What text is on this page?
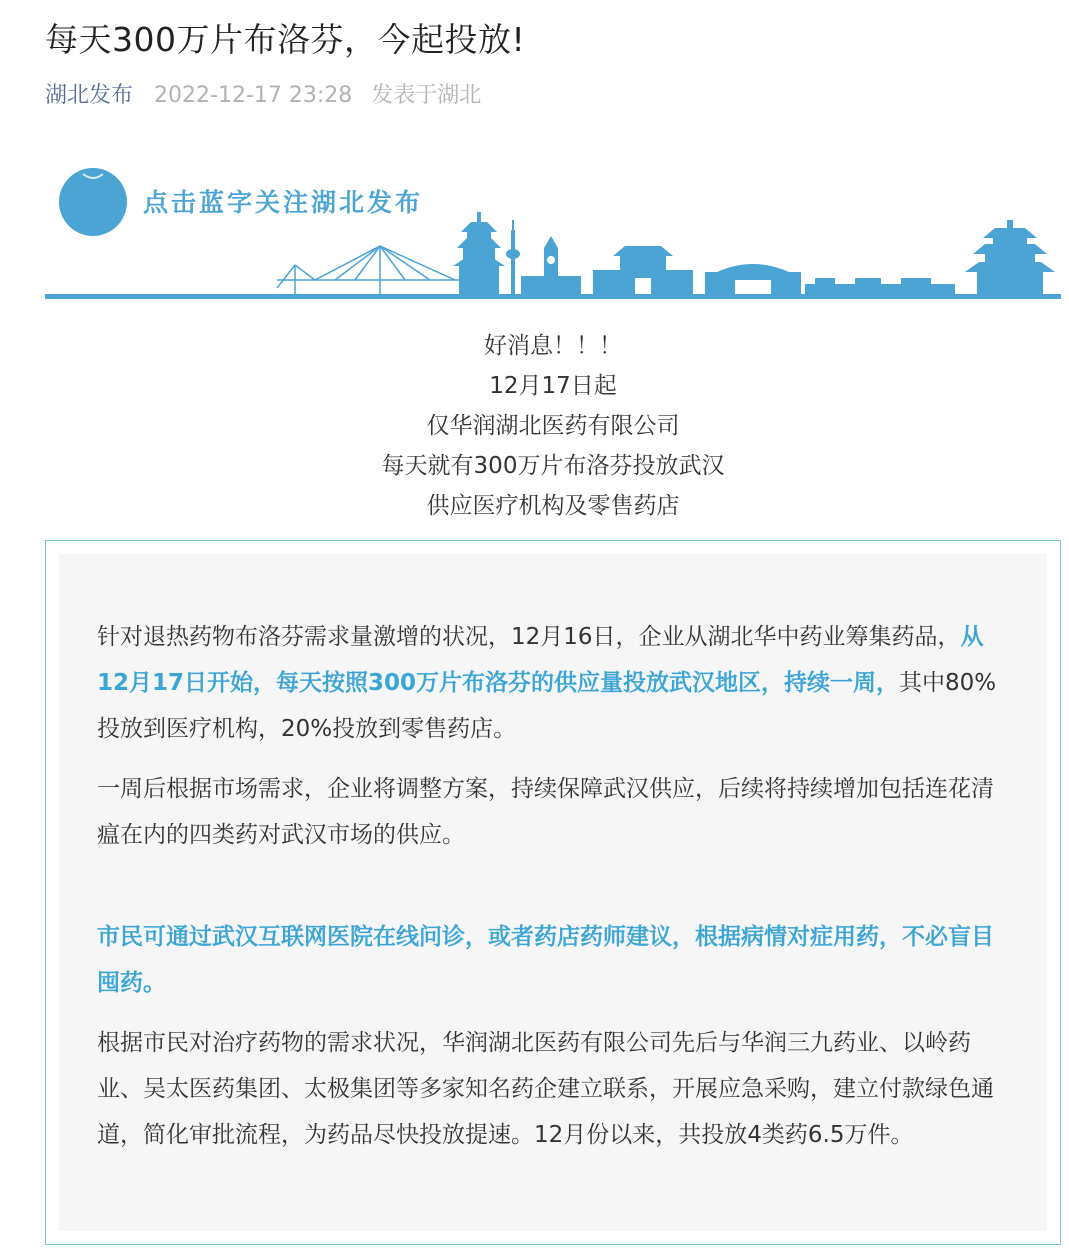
每天300万片布洛芬，今起投放!
湖北发布 2022-12-17 23:28 发表于湖北
点击蓝字关注湖北发布

好消息！！！

12月17日起

仅华润湖北医药有限公司

每天就有300万片布洛芬投放武汉

供应医疗机构及零售药店

针对退热药物布洛芬需求量激增的状况，12月16日，企业从湖北华中药业筹集药品，从12月17日开始，每天按照300万片布洛芬的供应量投放武汉地区，持续一周，其中80%投放到医疗机构，20%投放到零售药店。

一周后根据市场需求，企业将调整方案，持续保障武汉供应，后续将持续增加包括连花清瘟在内的四类药对武汉市场的供应。

市民可通过武汉互联网医院在线问诊，或者药店药师建议，根据病情对症用药，不必盲目囤药。

根据市民对治疗药物的需求状况，华润湖北医药有限公司先后与华润三九药业、以岭药业、吴太医药集团、太极集团等多家知名药企建立联系，开展应急采购，建立付款绿色通道，简化审批流程，为药品尽快投放提速。12月份以来，共投放4类药6.5万件。
